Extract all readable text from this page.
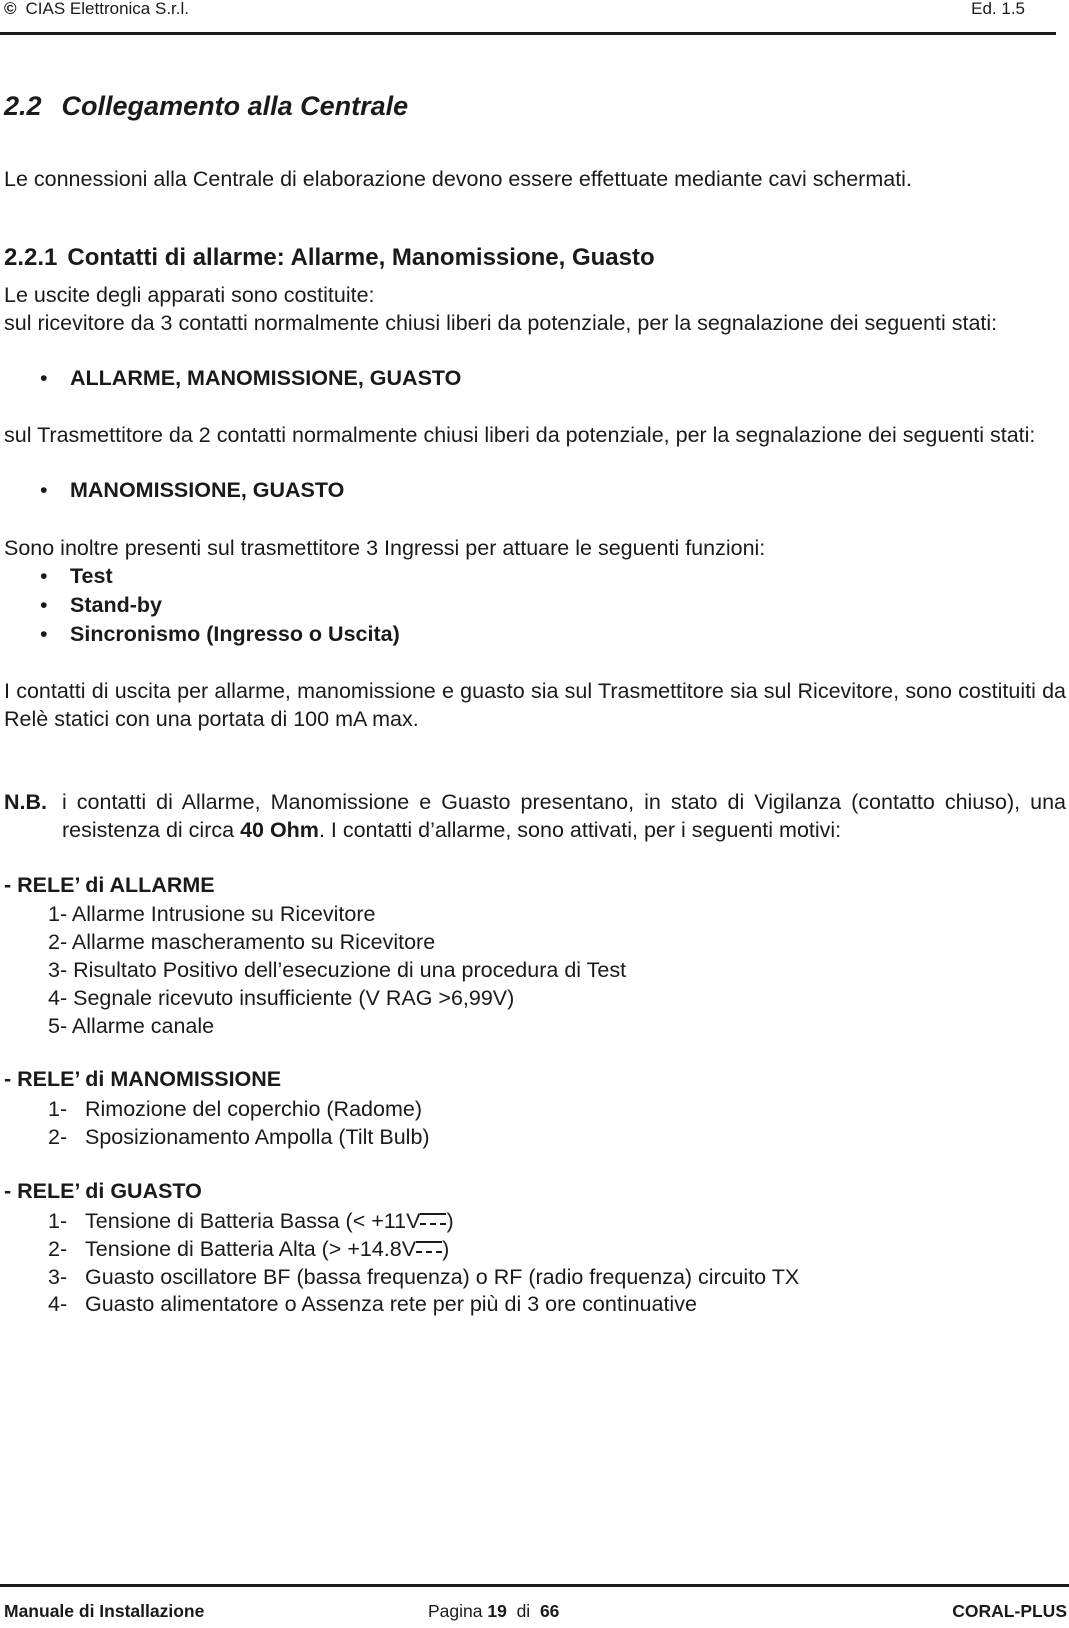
© CIAS Elettronica S.r.l.	Ed. 1.5
2.2 Collegamento alla Centrale
Le connessioni alla Centrale di elaborazione devono essere effettuate mediante cavi schermati.
2.2.1 Contatti di allarme: Allarme, Manomissione, Guasto
Le uscite degli apparati sono costituite:
sul ricevitore da 3 contatti normalmente chiusi liberi da potenziale, per la segnalazione dei seguenti stati:
• ALLARME, MANOMISSIONE, GUASTO
sul Trasmettitore da 2 contatti normalmente chiusi liberi da potenziale, per la segnalazione dei seguenti stati:
• MANOMISSIONE, GUASTO
Sono inoltre presenti sul trasmettitore 3 Ingressi per attuare le seguenti funzioni:
• Test
• Stand-by
• Sincronismo (Ingresso o Uscita)
I contatti di uscita per allarme, manomissione e guasto sia sul Trasmettitore sia sul Ricevitore, sono costituiti da Relè statici con una portata di 100 mA max.
N.B. i contatti di Allarme, Manomissione e Guasto presentano, in stato di Vigilanza (contatto chiuso), una resistenza di circa 40 Ohm. I contatti d’allarme, sono attivati, per i seguenti motivi:
- RELE’ di ALLARME
1- Allarme Intrusione su Ricevitore
2- Allarme mascheramento su Ricevitore
3- Risultato Positivo dell’esecuzione di una procedura di Test
4- Segnale ricevuto insufficiente (V RAG >6,99V)
5- Allarme canale
- RELE’ di MANOMISSIONE
1- Rimozione del coperchio (Radome)
2- Sposizionamento Ampolla (Tilt Bulb)
- RELE’ di GUASTO
1- Tensione di Batteria Bassa (< +11V )
2- Tensione di Batteria Alta (> +14.8V )
3- Guasto oscillatore BF (bassa frequenza) o RF (radio frequenza) circuito TX
4- Guasto alimentatore o Assenza rete per più di 3 ore continuative
Manuale di Installazione	Pagina 19 di 66	CORAL-PLUS
